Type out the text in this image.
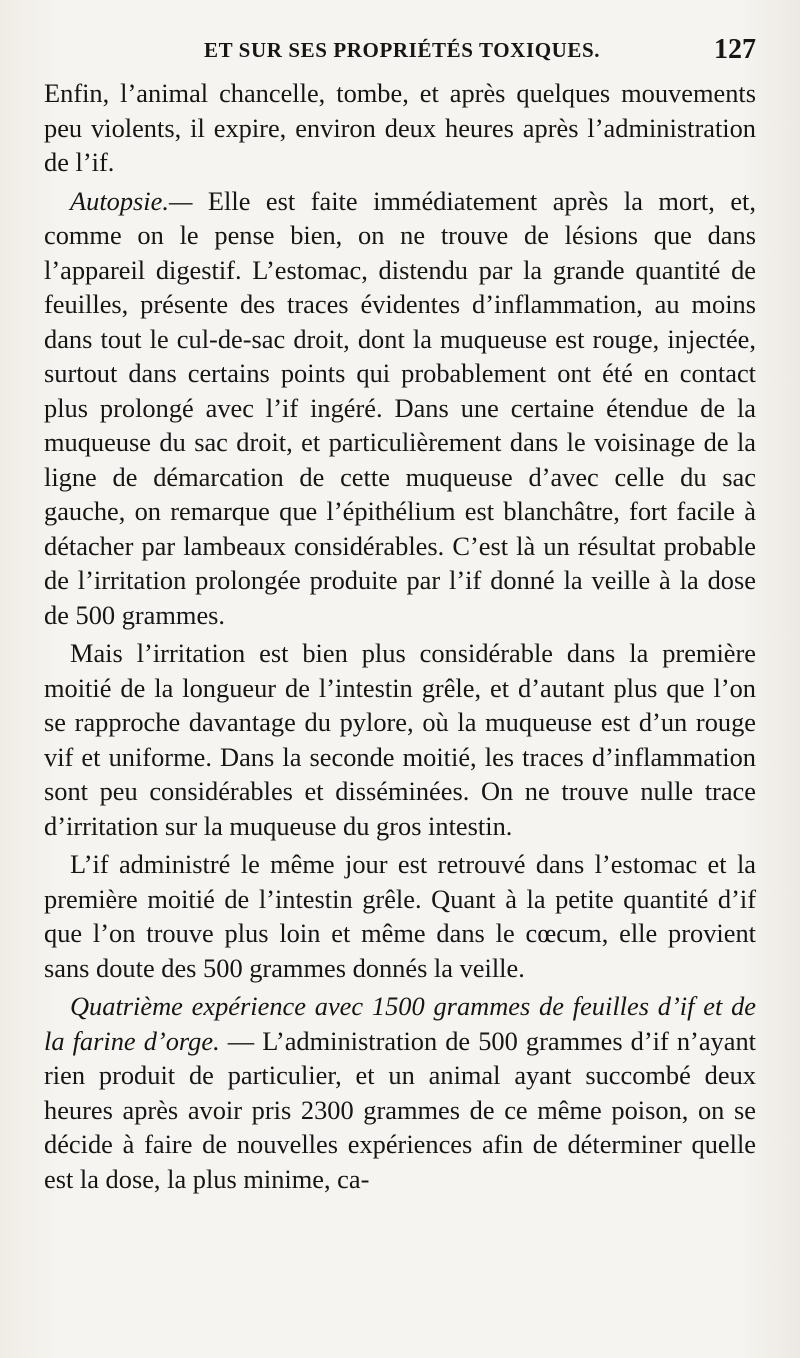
ET SUR SES PROPRIÉTÉS TOXIQUES.	127

Enfin, l’animal chancelle, tombe, et après quelques mouvements peu violents, il expire, environ deux heures après l’administration de l’if.

Autopsie.— Elle est faite immédiatement après la mort, et, comme on le pense bien, on ne trouve de lésions que dans l’appareil digestif. L’estomac, distendu par la grande quantité de feuilles, présente des traces évidentes d’inflammation, au moins dans tout le cul-de-sac droit, dont la muqueuse est rouge, injectée, surtout dans certains points qui probablement ont été en contact plus prolongé avec l’if ingéré. Dans une certaine étendue de la muqueuse du sac droit, et particulièrement dans le voisinage de la ligne de démarcation de cette muqueuse d’avec celle du sac gauche, on remarque que l’épithélium est blanchâtre, fort facile à détacher par lambeaux considérables. C’est là un résultat probable de l’irritation prolongée produite par l’if donné la veille à la dose de 500 grammes.

Mais l’irritation est bien plus considérable dans la première moitié de la longueur de l’intestin grêle, et d’autant plus que l’on se rapproche davantage du pylore, où la muqueuse est d’un rouge vif et uniforme. Dans la seconde moitié, les traces d’inflammation sont peu considérables et disséminées. On ne trouve nulle trace d’irritation sur la muqueuse du gros intestin.

L’if administré le même jour est retrouvé dans l’estomac et la première moitié de l’intestin grêle. Quant à la petite quantité d’if que l’on trouve plus loin et même dans le cœcum, elle provient sans doute des 500 grammes donnés la veille.

Quatrième expérience avec 1500 grammes de feuilles d’if et de la farine d’orge. — L’administration de 500 grammes d’if n’ayant rien produit de particulier, et un animal ayant succombé deux heures après avoir pris 2300 grammes de ce même poison, on se décide à faire de nouvelles expériences afin de déterminer quelle est la dose, la plus minime, ca-
